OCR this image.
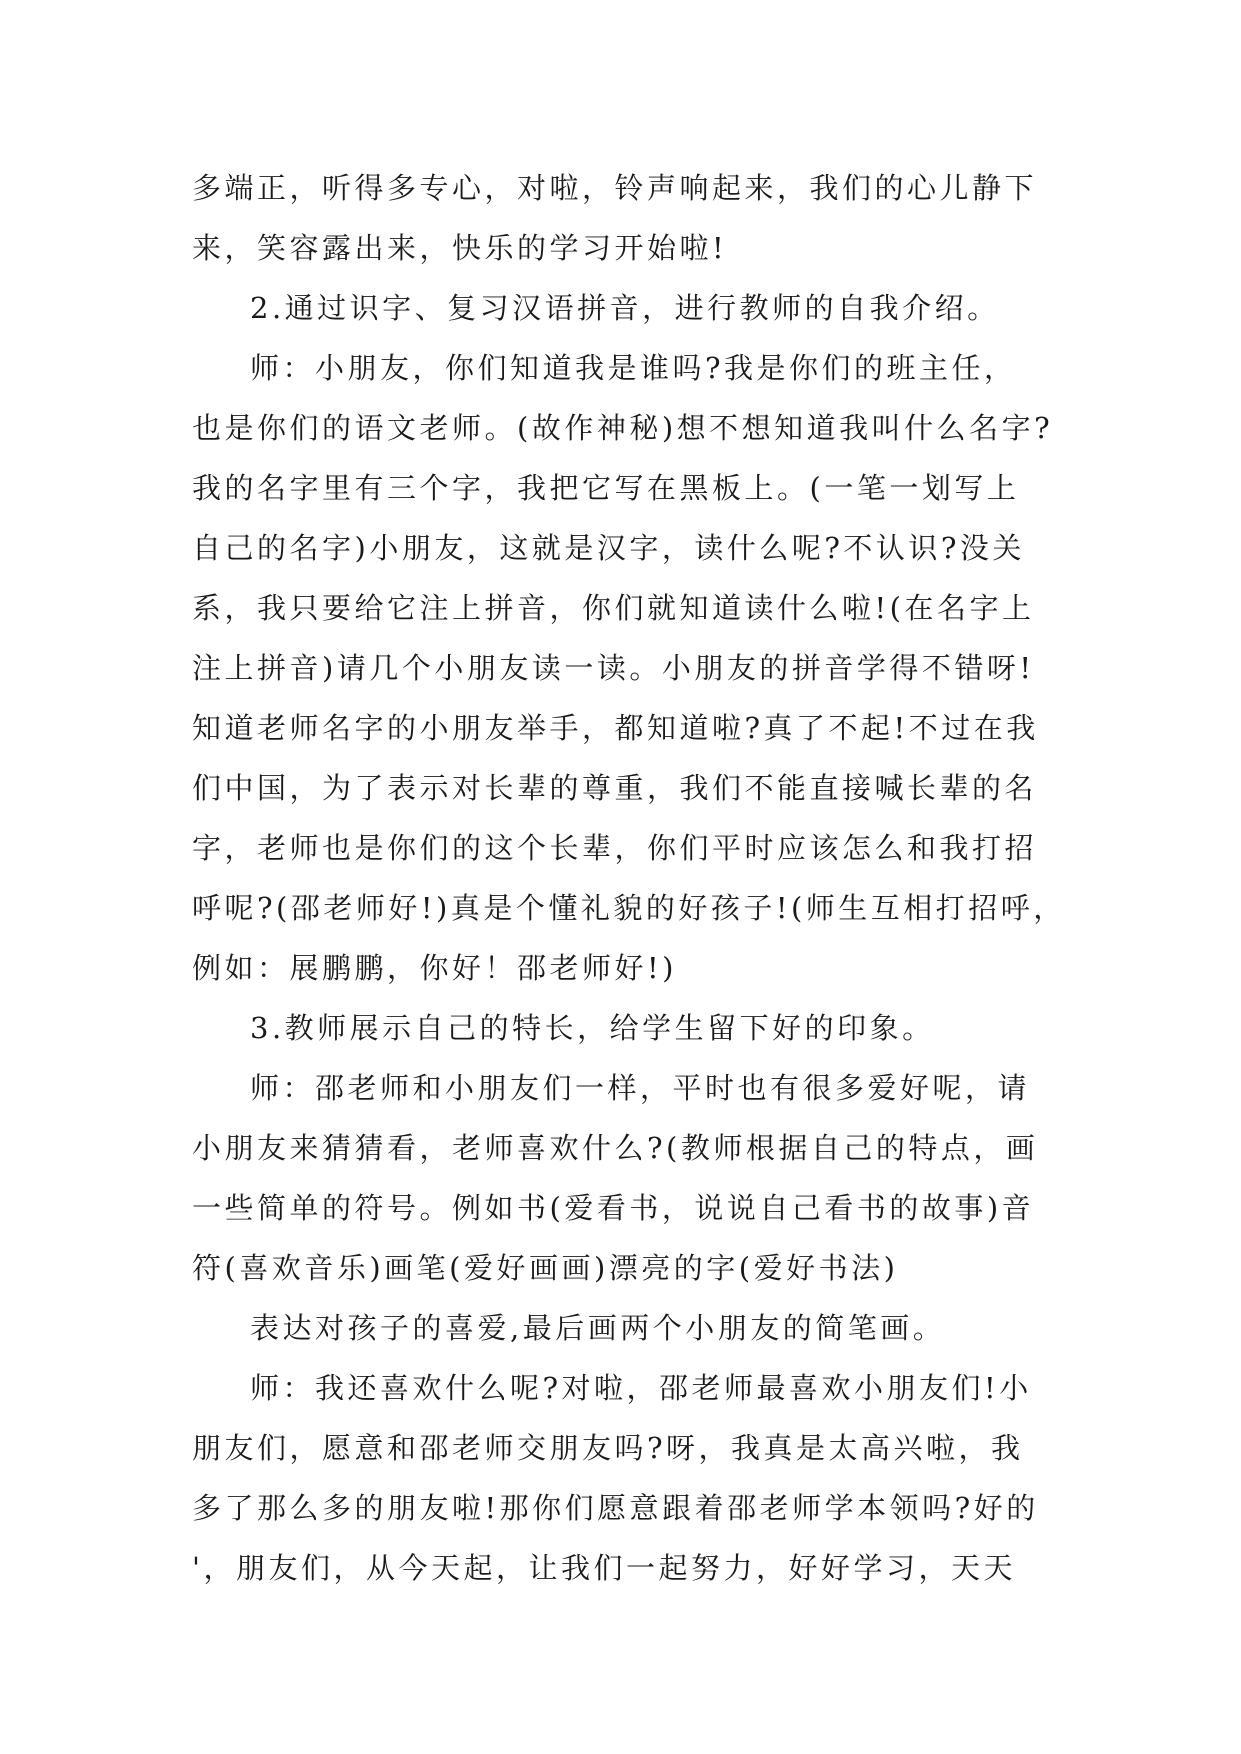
多端正，听得多专心，对啦，铃声响起来，我们的心儿静下
来，笑容露出来，快乐的学习开始啦!
2.通过识字、复习汉语拼音，进行教师的自我介绍。
师：小朋友，你们知道我是谁吗?我是你们的班主任，
也是你们的语文老师。(故作神秘)想不想知道我叫什么名字?
我的名字里有三个字，我把它写在黑板上。(一笔一划写上
自己的名字)小朋友，这就是汉字，读什么呢?不认识?没关
系，我只要给它注上拼音，你们就知道读什么啦!(在名字上
注上拼音)请几个小朋友读一读。小朋友的拼音学得不错呀!
知道老师名字的小朋友举手，都知道啦?真了不起!不过在我
们中国，为了表示对长辈的尊重，我们不能直接喊长辈的名
字，老师也是你们的这个长辈，你们平时应该怎么和我打招
呼呢?(邵老师好!)真是个懂礼貌的好孩子!(师生互相打招呼，
例如：展鹏鹏，你好！邵老师好!)
3.教师展示自己的特长，给学生留下好的印象。
师：邵老师和小朋友们一样，平时也有很多爱好呢，请
小朋友来猜猜看，老师喜欢什么?(教师根据自己的特点，画
一些简单的符号。例如书(爱看书，说说自己看书的故事)音
符(喜欢音乐)画笔(爱好画画)漂亮的字(爱好书法)
表达对孩子的喜爱,最后画两个小朋友的简笔画。
师：我还喜欢什么呢?对啦，邵老师最喜欢小朋友们!小
朋友们，愿意和邵老师交朋友吗?呀，我真是太高兴啦，我
多了那么多的朋友啦!那你们愿意跟着邵老师学本领吗?好的
'，朋友们，从今天起，让我们一起努力，好好学习，天天
